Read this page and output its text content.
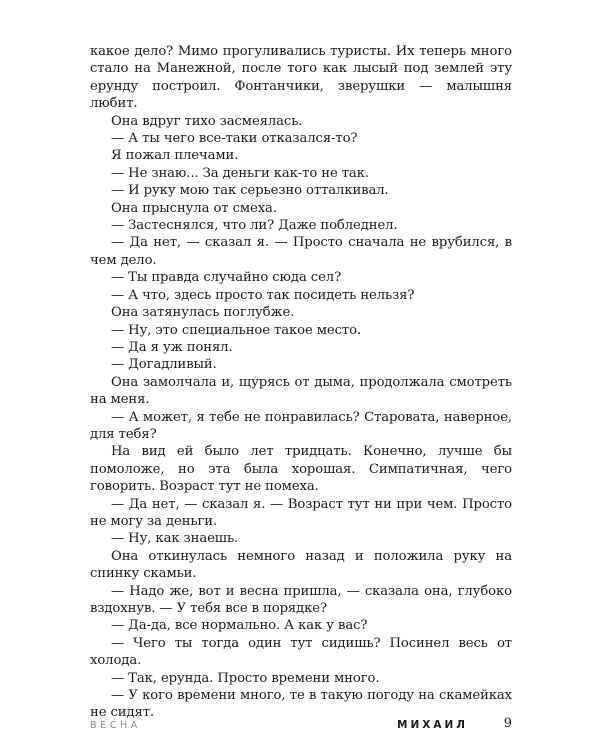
какое дело? Мимо прогуливались туристы. Их теперь много стало на Манежной, после того как лысый под землей эту ерунду построил. Фонтанчики, зверушки — малышня любит.

Она вдруг тихо засмеялась.

— А ты чего все-таки отказался-то?

Я пожал плечами.

— Не знаю... За деньги как-то не так.

— И руку мою так серьезно отталкивал.

Она прыснула от смеха.

— Застеснялся, что ли? Даже побледнел.

— Да нет, — сказал я. — Просто сначала не врубился, в чем дело.

— Ты правда случайно сюда сел?

— А что, здесь просто так посидеть нельзя?

Она затянулась поглубже.

— Ну, это специальное такое место.

— Да я уж понял.

— Догадливый.

Она замолчала и, щурясь от дыма, продолжала смотреть на меня.

— А может, я тебе не понравилась? Староватa, наверное, для тебя?

На вид ей было лет тридцать. Конечно, лучше бы помоложе, но эта была хорошая. Симпатичная, чего говорить. Возраст тут не помеха.

— Да нет, — сказал я. — Возраст тут ни при чем. Просто не могу за деньги.

— Ну, как знаешь.

Она откинулась немного назад и положила руку на спинку скамьи.

— Надо же, вот и весна пришла, — сказала она, глубоко вздохнув. — У тебя все в порядке?

— Да-да, все нормально. А как у вас?

— Чего ты тогда один тут сидишь? Посинел весь от холода.

— Так, ерунда. Просто времени много.

— У кого времени много, те в такую погоду на скамейках не сидят.

ВЕСНА	МИХАИЛ	9
